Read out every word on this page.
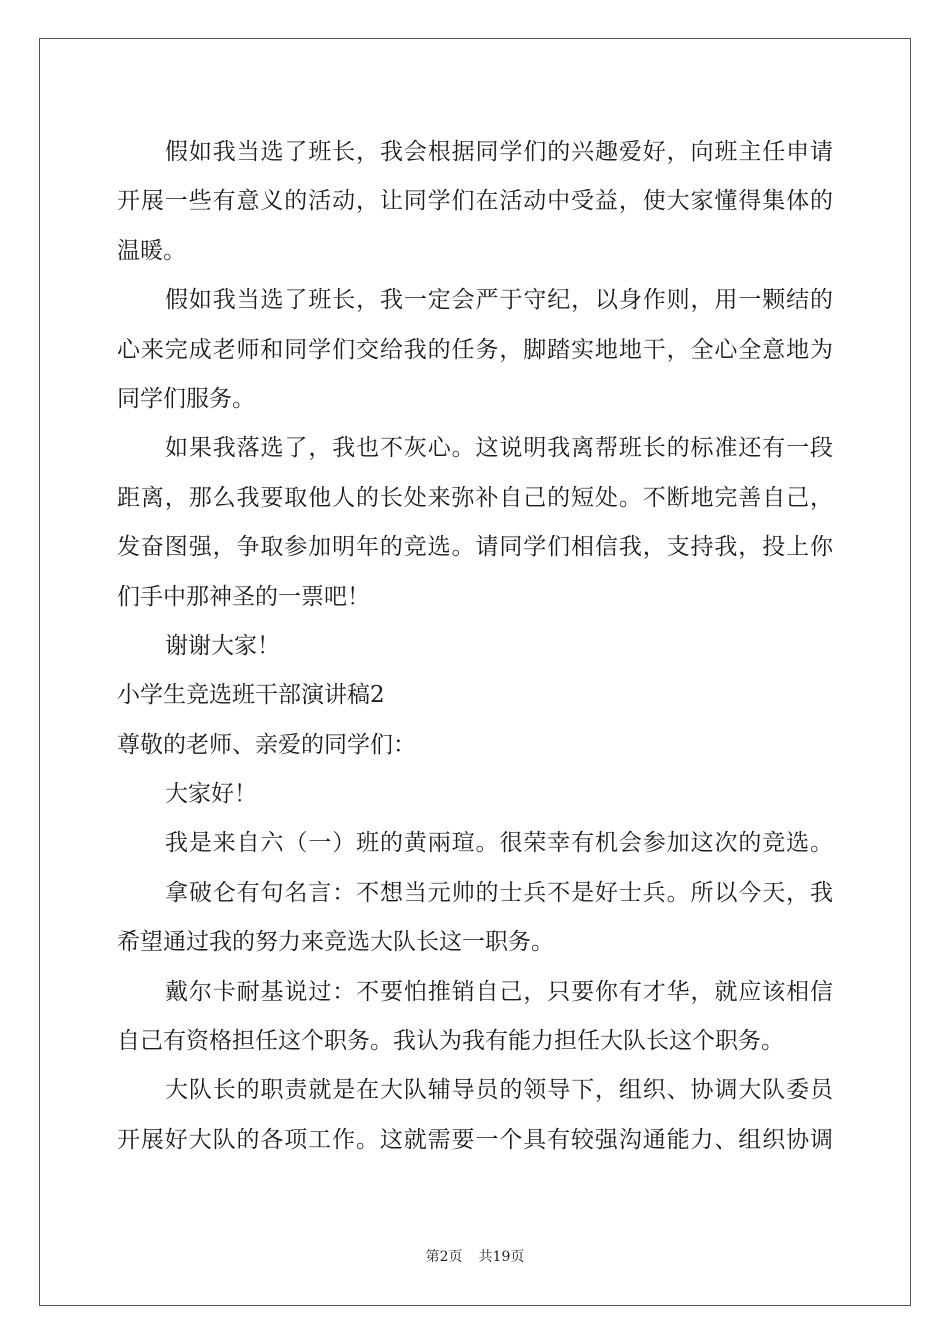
假如我当选了班长，我会根据同学们的兴趣爱好，向班主任申请
开展一些有意义的活动，让同学们在活动中受益，使大家懂得集体的
温暖。
假如我当选了班长，我一定会严于守纪，以身作则，用一颗结的
心来完成老师和同学们交给我的任务，脚踏实地地干，全心全意地为
同学们服务。
如果我落选了，我也不灰心。这说明我离帮班长的标准还有一段
距离，那么我要取他人的长处来弥补自己的短处。不断地完善自己，
发奋图强，争取参加明年的竞选。请同学们相信我，支持我，投上你
们手中那神圣的一票吧！
谢谢大家！
小学生竞选班干部演讲稿2
尊敬的老师、亲爱的同学们：
大家好！
我是来自六（一）班的黄兩瑄。很荣幸有机会参加这次的竞选。
拿破仑有句名言：不想当元帅的士兵不是好士兵。所以今天，我
希望通过我的努力来竞选大队长这一职务。
戴尔卡耐基说过：不要怕推销自己，只要你有才华，就应该相信
自己有资格担任这个职务。我认为我有能力担任大队长这个职务。
大队长的职责就是在大队辅导员的领导下，组织、协调大队委员
开展好大队的各项工作。这就需要一个具有较强沟通能力、组织协调
第2页 共19页
